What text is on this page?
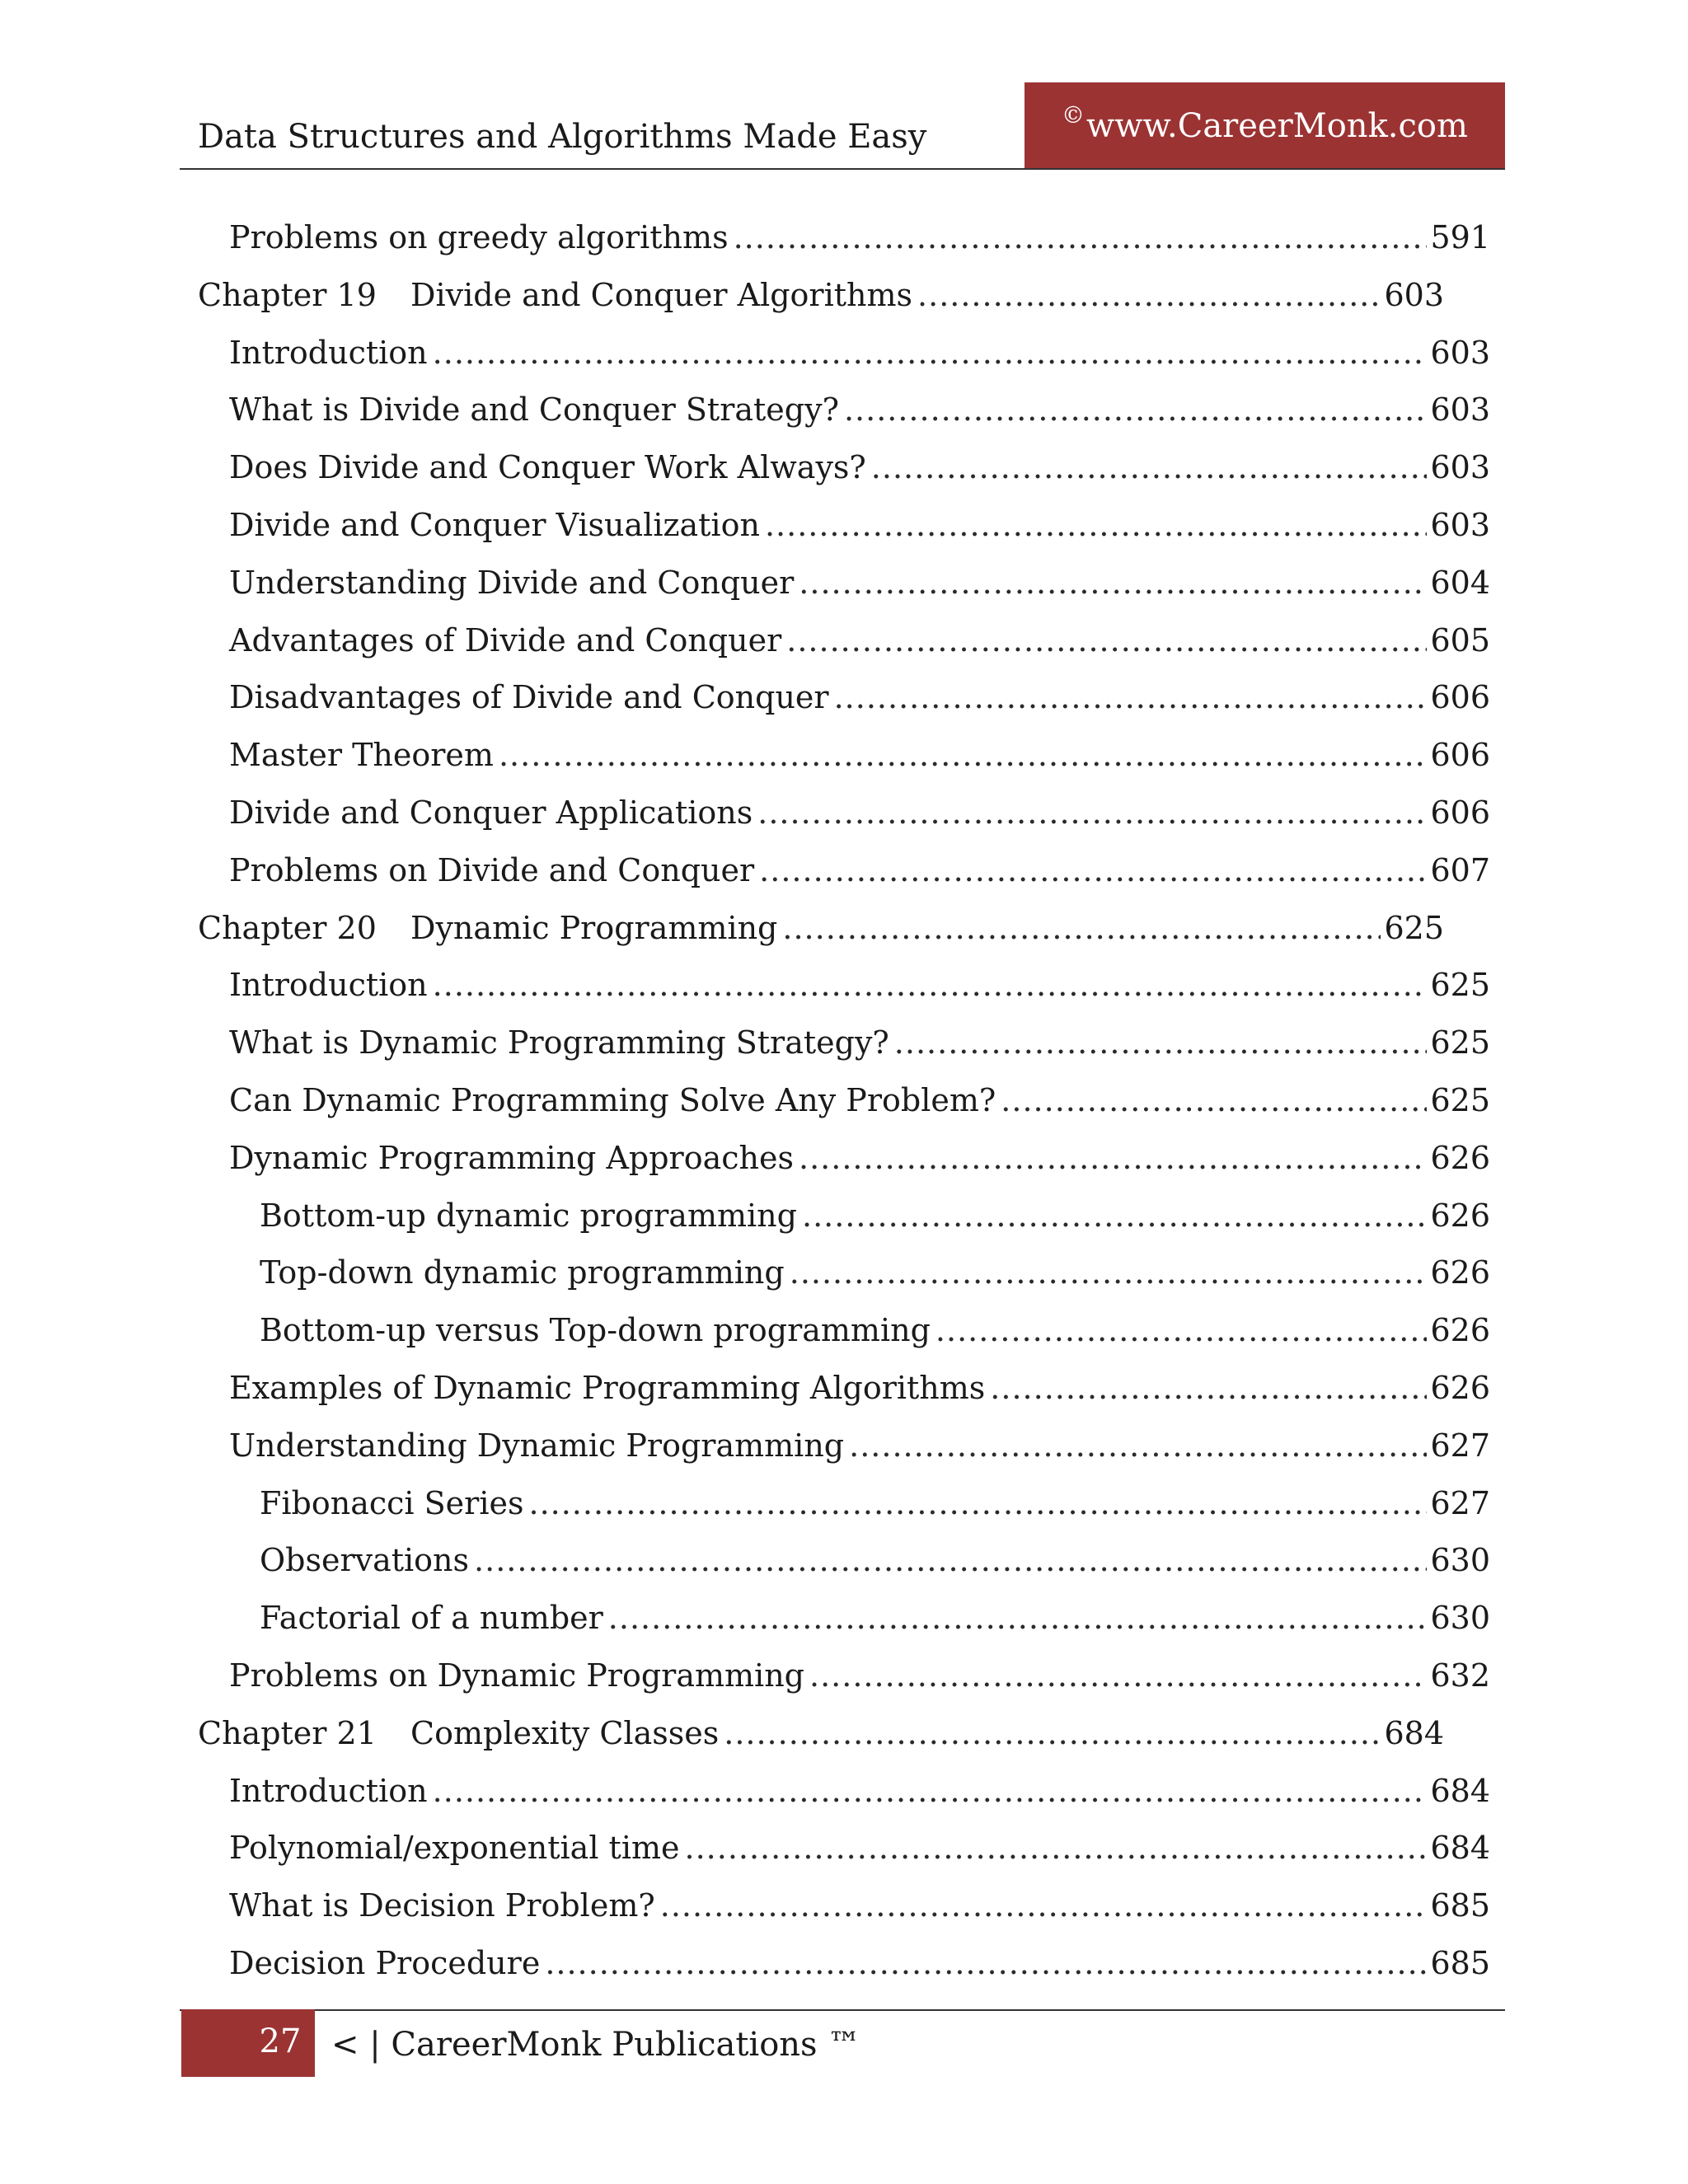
Data Structures and Algorithms Made Easy
© www.CareerMonk.com
Problems on greedy algorithms .....	591
Chapter 19	Divide and Conquer Algorithms .....	603
Introduction .....	603
What is Divide and Conquer Strategy? .....	603
Does Divide and Conquer Work Always? .....	603
Divide and Conquer Visualization .....	603
Understanding Divide and Conquer .....	604
Advantages of Divide and Conquer .....	605
Disadvantages of Divide and Conquer .....	606
Master Theorem .....	606
Divide and Conquer Applications .....	606
Problems on Divide and Conquer .....	607
Chapter 20	Dynamic Programming .....	625
Introduction .....	625
What is Dynamic Programming Strategy? .....	625
Can Dynamic Programming Solve Any Problem? .....	625
Dynamic Programming Approaches .....	626
Bottom-up dynamic programming .....	626
Top-down dynamic programming .....	626
Bottom-up versus Top-down programming .....	626
Examples of Dynamic Programming Algorithms .....	626
Understanding Dynamic Programming .....	627
Fibonacci Series .....	627
Observations .....	630
Factorial of a number .....	630
Problems on Dynamic Programming .....	632
Chapter 21	Complexity Classes .....	684
Introduction .....	684
Polynomial/exponential time .....	684
What is Decision Problem? .....	685
Decision Procedure .....	685
27 < | CareerMonk Publications ™
